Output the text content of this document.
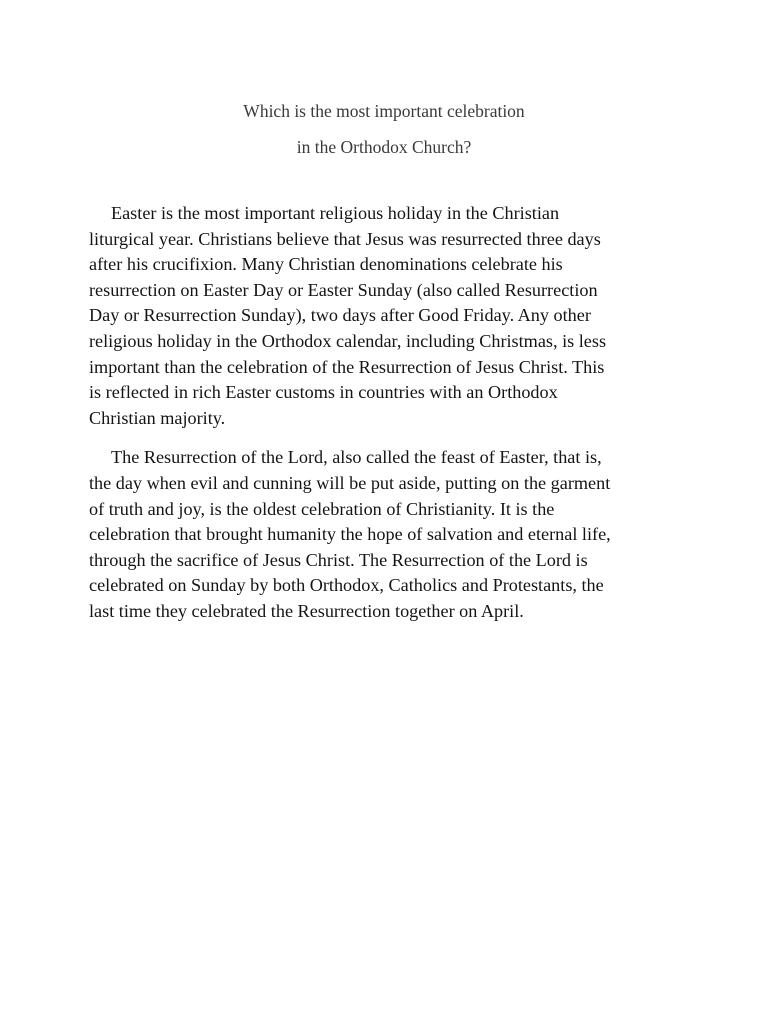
Which is the most important celebration
in the Orthodox Church?

Easter is the most important religious holiday in the Christian
liturgical year. Christians believe that Jesus was resurrected three days
after his crucifixion. Many Christian denominations celebrate his
resurrection on Easter Day or Easter Sunday (also called Resurrection
Day or Resurrection Sunday), two days after Good Friday. Any other
religious holiday in the Orthodox calendar, including Christmas, is less
important than the celebration of the Resurrection of Jesus Christ. This
is reflected in rich Easter customs in countries with an Orthodox
Christian majority.

The Resurrection of the Lord, also called the feast of Easter, that is,
the day when evil and cunning will be put aside, putting on the garment
of truth and joy, is the oldest celebration of Christianity. It is the
celebration that brought humanity the hope of salvation and eternal life,
through the sacrifice of Jesus Christ. The Resurrection of the Lord is
celebrated on Sunday by both Orthodox, Catholics and Protestants, the
last time they celebrated the Resurrection together on April.
